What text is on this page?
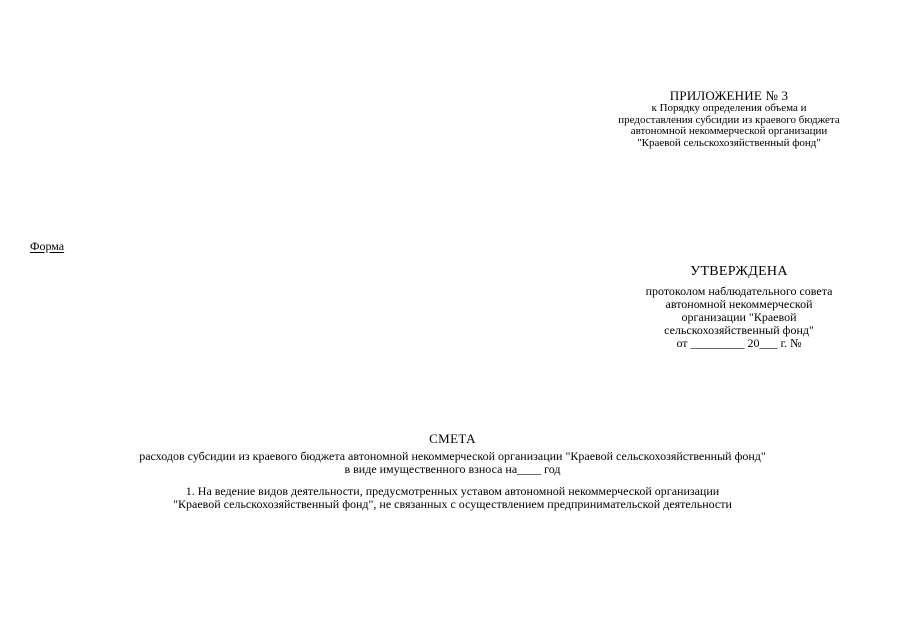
ПРИЛОЖЕНИЕ № 3
к Порядку определения объема и
предоставления субсидии из краевого бюджета
автономной некоммерческой организации
"Краевой сельскохозяйственный фонд"
Форма
УТВЕРЖДЕНА
протоколом наблюдательного совета
автономной некоммерческой
организации "Краевой
сельскохозяйственный фонд"
от _________ 20___ г. №
СМЕТА
расходов субсидии из краевого бюджета автономной некоммерческой организации "Краевой сельскохозяйственный фонд"
в виде имущественного взноса на____ год
1. На ведение видов деятельности, предусмотренных уставом автономной некоммерческой организации
"Краевой сельскохозяйственный фонд", не связанных с осуществлением предпринимательской деятельности
